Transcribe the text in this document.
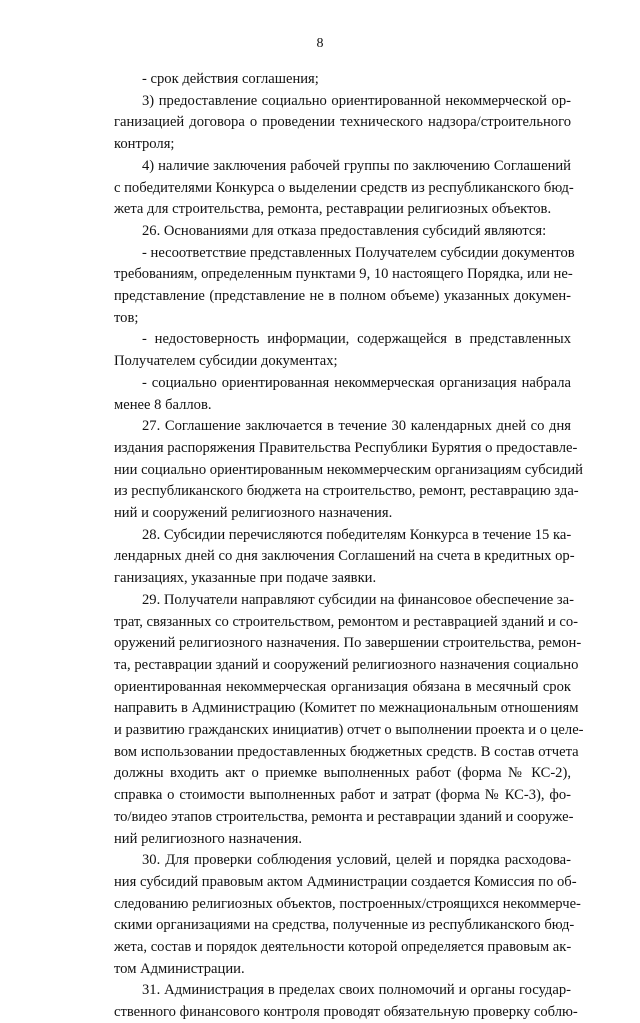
8
- срок действия соглашения;
3) предоставление социально ориентированной некоммерческой ор-
ганизацией договора о проведении технического надзора/строительного
контроля;
4) наличие заключения рабочей группы по заключению Соглашений
с победителями Конкурса о выделении средств из республиканского бюд-
жета для строительства, ремонта, реставрации религиозных объектов.
26. Основаниями для отказа предоставления субсидий являются:
- несоответствие представленных Получателем субсидии документов
требованиям, определенным пунктами 9, 10 настоящего Порядка, или не-
представление (представление не в полном объеме) указанных докумен-
тов;
- недостоверность информации, содержащейся в представленных
Получателем субсидии документах;
- социально ориентированная некоммерческая организация набрала
менее 8 баллов.
27. Соглашение заключается в течение 30 календарных дней со дня
издания распоряжения Правительства Республики Бурятия о предоставле-
нии социально ориентированным некоммерческим организациям субсидий
из республиканского бюджета на строительство, ремонт, реставрацию зда-
ний и сооружений религиозного назначения.
28. Субсидии перечисляются победителям Конкурса в течение 15 ка-
лендарных дней со дня заключения Соглашений на счета в кредитных ор-
ганизациях, указанные при подаче заявки.
29. Получатели направляют субсидии на финансовое обеспечение за-
трат, связанных со строительством, ремонтом и реставрацией зданий и со-
оружений религиозного назначения. По завершении строительства, ремон-
та, реставрации зданий и сооружений религиозного назначения социально
ориентированная некоммерческая организация обязана в месячный срок
направить в Администрацию (Комитет по межнациональным отношениям
и развитию гражданских инициатив) отчет о выполнении проекта и о целе-
вом использовании предоставленных бюджетных средств. В состав отчета
должны входить акт о приемке выполненных работ (форма № КС-2),
справка о стоимости выполненных работ и затрат (форма № КС-3), фо-
то/видео этапов строительства, ремонта и реставрации зданий и сооруже-
ний религиозного назначения.
30. Для проверки соблюдения условий, целей и порядка расходова-
ния субсидий правовым актом Администрации создается Комиссия по об-
следованию религиозных объектов, построенных/строящихся некоммерче-
скими организациями на средства, полученные из республиканского бюд-
жета, состав и порядок деятельности которой определяется правовым ак-
том Администрации.
31. Администрация в пределах своих полномочий и органы государ-
ственного финансового контроля проводят обязательную проверку соблю-
